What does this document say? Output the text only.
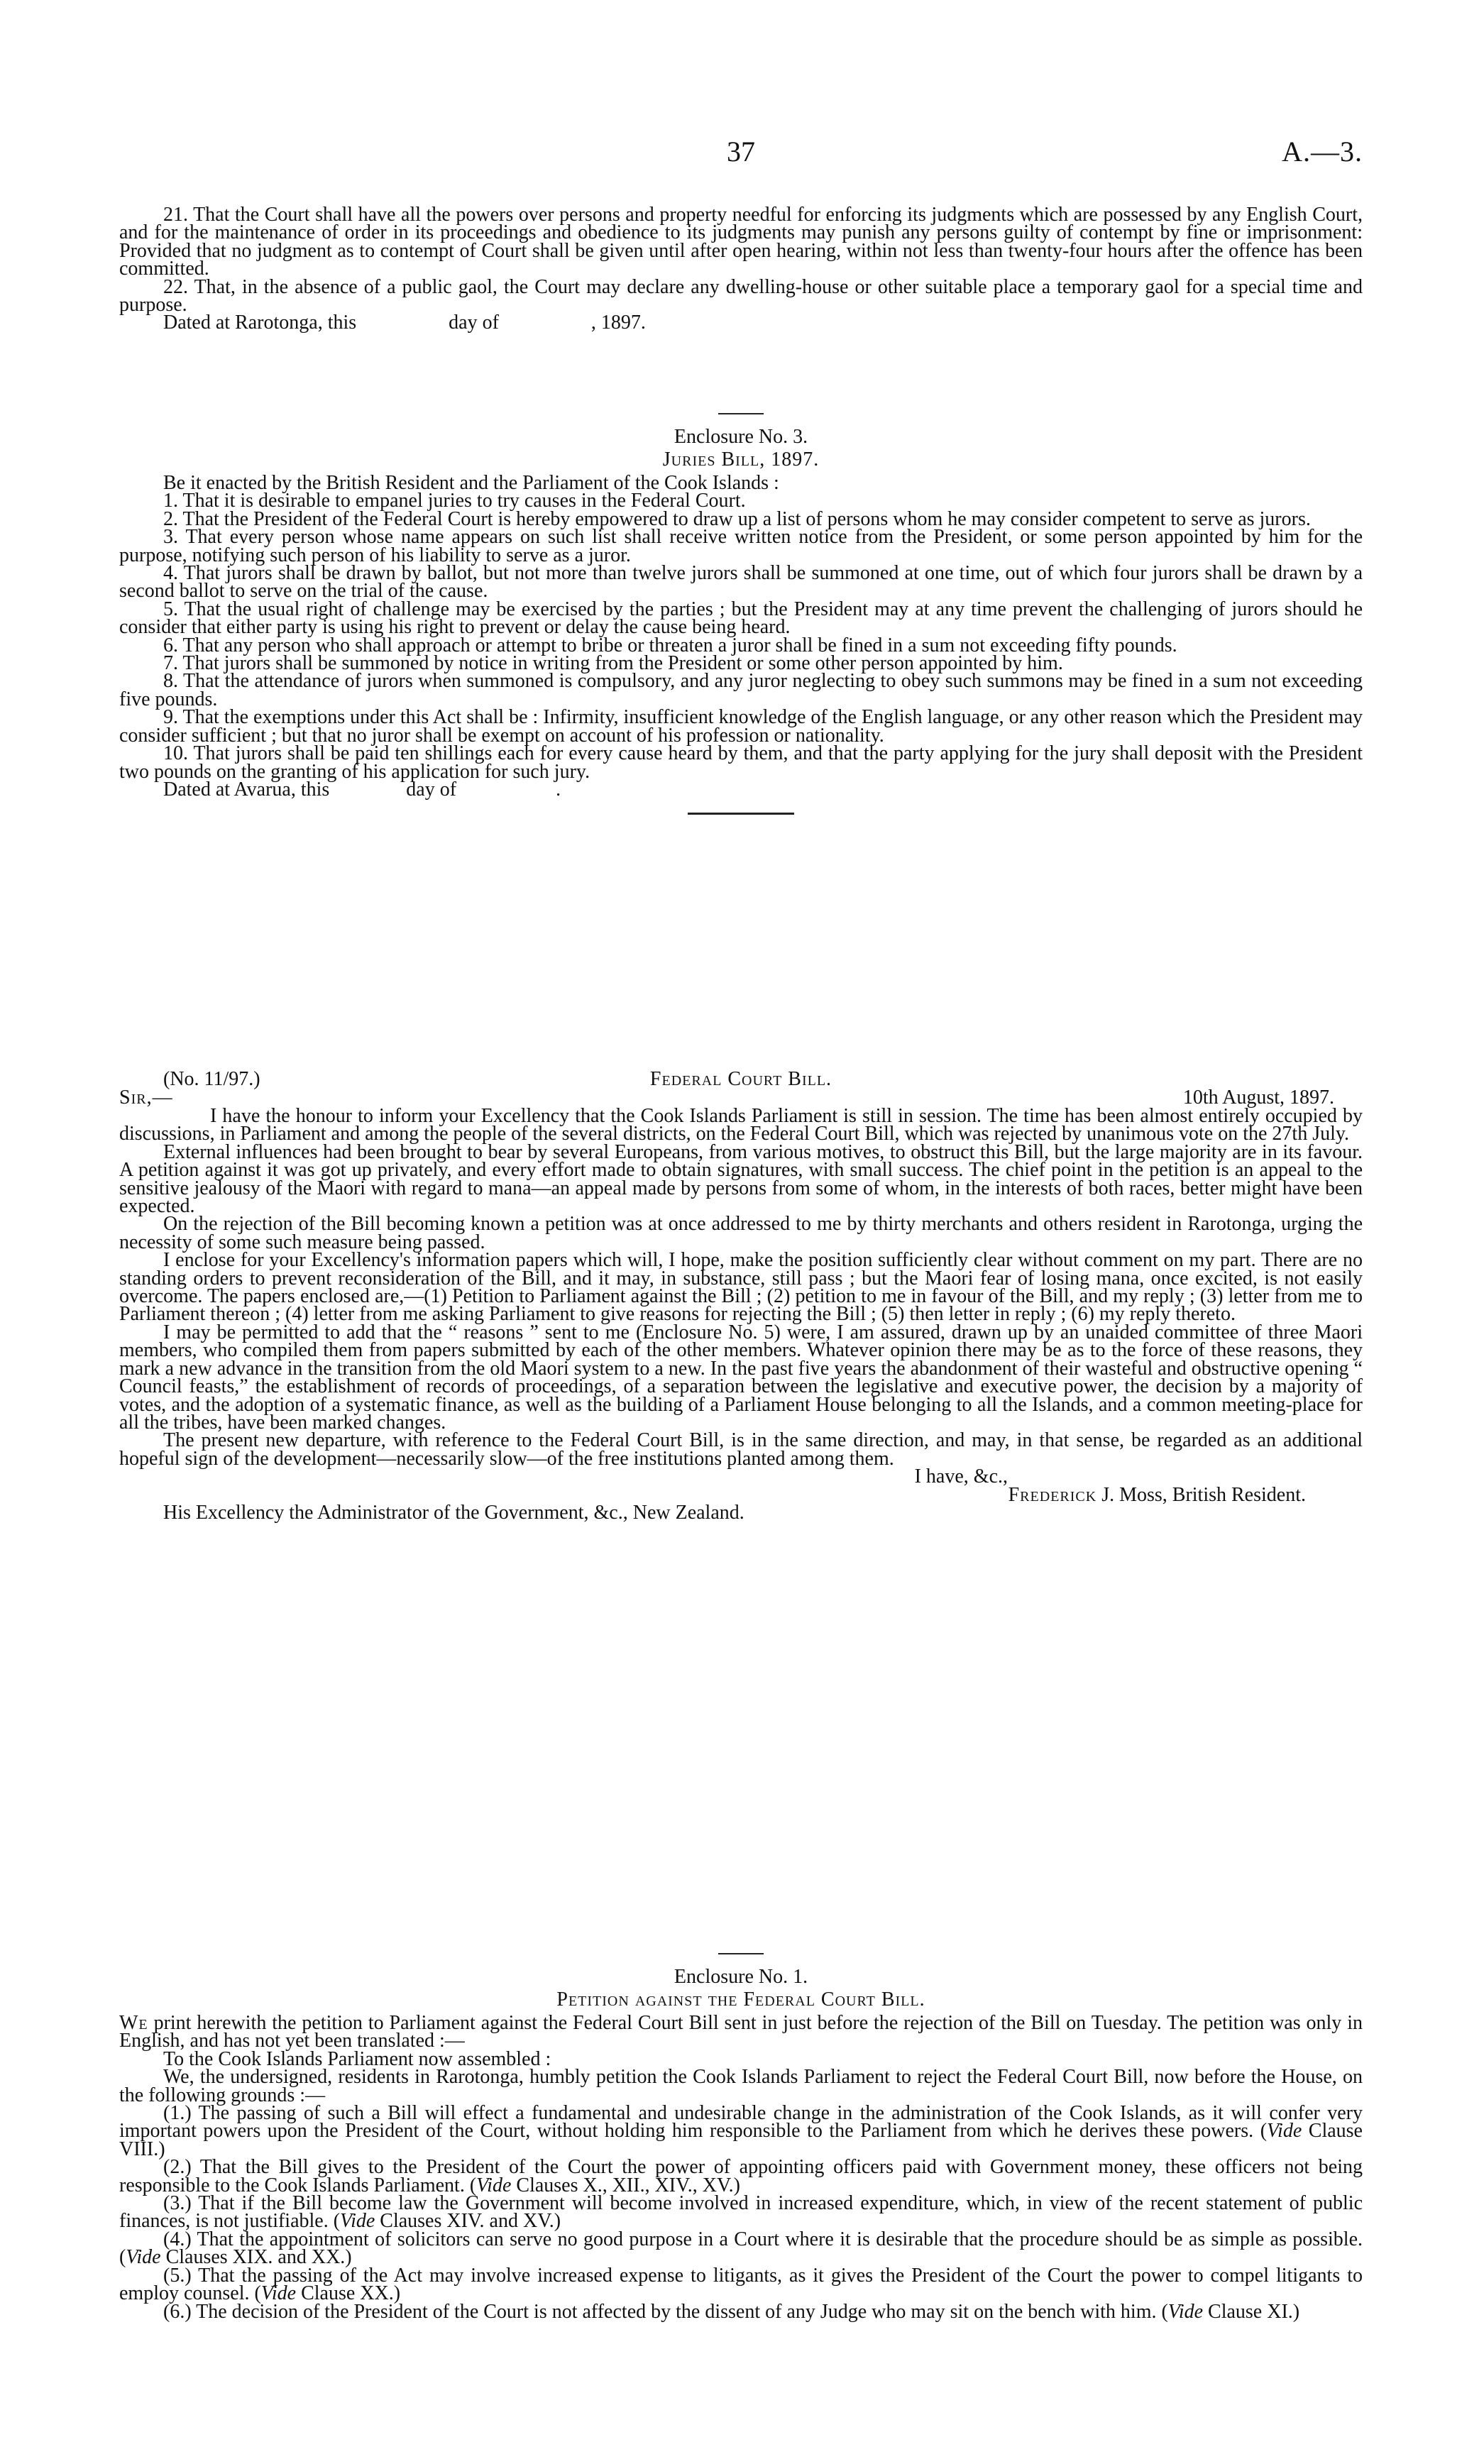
37	A.—3.

21. That the Court shall have all the powers over persons and property needful for enforcing its judgments which are possessed by any English Court, and for the maintenance of order in its proceedings and obedience to its judgments may punish any persons guilty of contempt by fine or imprisonment: Provided that no judgment as to contempt of Court shall be given until after open hearing, within not less than twenty-four hours after the offence has been committed.

22. That, in the absence of a public gaol, the Court may declare any dwelling-house or other suitable place a temporary gaol for a special time and purpose.

Dated at Rarotonga, this	day of	, 1897.

Enclosure No. 3.
Juries Bill, 1897.

Be it enacted by the British Resident and the Parliament of the Cook Islands :

1. That it is desirable to empanel juries to try causes in the Federal Court.

2. That the President of the Federal Court is hereby empowered to draw up a list of persons whom he may consider competent to serve as jurors.

3. That every person whose name appears on such list shall receive written notice from the President, or some person appointed by him for the purpose, notifying such person of his liability to serve as a juror.

4. That jurors shall be drawn by ballot, but not more than twelve jurors shall be summoned at one time, out of which four jurors shall be drawn by a second ballot to serve on the trial of the cause.

5. That the usual right of challenge may be exercised by the parties ; but the President may at any time prevent the challenging of jurors should he consider that either party is using his right to prevent or delay the cause being heard.

6. That any person who shall approach or attempt to bribe or threaten a juror shall be fined in a sum not exceeding fifty pounds.

7. That jurors shall be summoned by notice in writing from the President or some other person appointed by him.

8. That the attendance of jurors when summoned is compulsory, and any juror neglecting to obey such summons may be fined in a sum not exceeding five pounds.

9. That the exemptions under this Act shall be : Infirmity, insufficient knowledge of the English language, or any other reason which the President may consider sufficient ; but that no juror shall be exempt on account of his profession or nationality.

10. That jurors shall be paid ten shillings each for every cause heard by them, and that the party applying for the jury shall deposit with the President two pounds on the granting of his application for such jury.

Dated at Avarua, this	day of	.

(No. 11/97.)	Federal Court Bill.
Sir,—	10th August, 1897.

I have the honour to inform your Excellency that the Cook Islands Parliament is still in session. The time has been almost entirely occupied by discussions, in Parliament and among the people of the several districts, on the Federal Court Bill, which was rejected by unanimous vote on the 27th July.

External influences had been brought to bear by several Europeans, from various motives, to obstruct this Bill, but the large majority are in its favour. A petition against it was got up privately, and every effort made to obtain signatures, with small success. The chief point in the petition is an appeal to the sensitive jealousy of the Maori with regard to mana—an appeal made by persons from some of whom, in the interests of both races, better might have been expected.

On the rejection of the Bill becoming known a petition was at once addressed to me by thirty merchants and others resident in Rarotonga, urging the necessity of some such measure being passed.

I enclose for your Excellency's information papers which will, I hope, make the position sufficiently clear without comment on my part. There are no standing orders to prevent reconsideration of the Bill, and it may, in substance, still pass ; but the Maori fear of losing mana, once excited, is not easily overcome. The papers enclosed are,—(1) Petition to Parliament against the Bill ; (2) petition to me in favour of the Bill, and my reply ; (3) letter from me to Parliament thereon ; (4) letter from me asking Parliament to give reasons for rejecting the Bill ; (5) then letter in reply ; (6) my reply thereto.

I may be permitted to add that the “ reasons ” sent to me (Enclosure No. 5) were, I am assured, drawn up by an unaided committee of three Maori members, who compiled them from papers submitted by each of the other members. Whatever opinion there may be as to the force of these reasons, they mark a new advance in the transition from the old Maori system to a new. In the past five years the abandonment of their wasteful and obstructive opening “ Council feasts,” the establishment of records of proceedings, of a separation between the legislative and executive power, the decision by a majority of votes, and the adoption of a systematic finance, as well as the building of a Parliament House belonging to all the Islands, and a common meeting-place for all the tribes, have been marked changes.

The present new departure, with reference to the Federal Court Bill, is in the same direction, and may, in that sense, be regarded as an additional hopeful sign of the development—necessarily slow—of the free institutions planted among them.

I have, &c.,

Frederick J. Moss, British Resident.

His Excellency the Administrator of the Government, &c., New Zealand.

Enclosure No. 1.
Petition against the Federal Court Bill.

We print herewith the petition to Parliament against the Federal Court Bill sent in just before the rejection of the Bill on Tuesday. The petition was only in English, and has not yet been translated :—

To the Cook Islands Parliament now assembled :

We, the undersigned, residents in Rarotonga, humbly petition the Cook Islands Parliament to reject the Federal Court Bill, now before the House, on the following grounds :—

(1.) The passing of such a Bill will effect a fundamental and undesirable change in the administration of the Cook Islands, as it will confer very important powers upon the President of the Court, without holding him responsible to the Parliament from which he derives these powers. (Vide Clause VIII.)

(2.) That the Bill gives to the President of the Court the power of appointing officers paid with Government money, these officers not being responsible to the Cook Islands Parliament. (Vide Clauses X., XII., XIV., XV.)

(3.) That if the Bill become law the Government will become involved in increased expenditure, which, in view of the recent statement of public finances, is not justifiable. (Vide Clauses XIV. and XV.)

(4.) That the appointment of solicitors can serve no good purpose in a Court where it is desirable that the procedure should be as simple as possible. (Vide Clauses XIX. and XX.)

(5.) That the passing of the Act may involve increased expense to litigants, as it gives the President of the Court the power to compel litigants to employ counsel. (Vide Clause XX.)

(6.) The decision of the President of the Court is not affected by the dissent of any Judge who may sit on the bench with him. (Vide Clause XI.)
